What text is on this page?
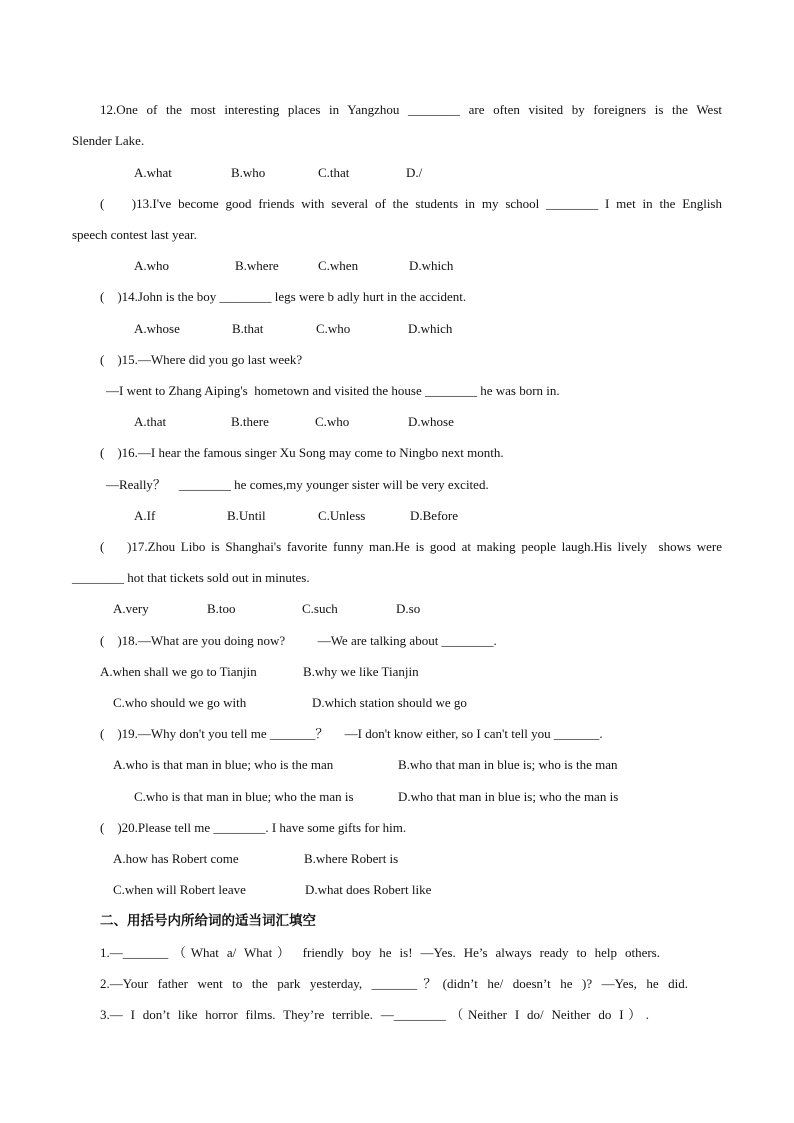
12.One of the most interesting places in Yangzhou ________ are often visited by foreigners is the West
Slender Lake.
A.what	B.who	C.that	D./
(    )13.I've become good friends with several of the students in my school ________ I met in the English
speech contest last year.
A.who	B.where	C.when	D.which
(    )14.John is the boy ________ legs were b adly hurt in the accident.
A.whose	B.that	C.who	D.which
(    )15.—Where did you go last week?
—I went to Zhang Aiping's  hometown and visited the house ________ he was born in.
A.that	B.there	C.who	D.whose
(    )16.—I hear the famous singer Xu Song may come to Ningbo next month.
—Really？    ________ he comes,my younger sister will be very excited.
A.If	B.Until	C.Unless	D.Before
(    )17.Zhou Libo is Shanghai's favorite funny man.He is good at making people laugh.His lively  shows were
________ hot that tickets sold out in minutes.
A.very	B.too	C.such	D.so
(    )18.—What are you doing now?          —We are talking about ________.
A.when shall we go to Tianjin	B.why we like Tianjin
C.who should we go with	D.which station should we go
(    )19.—Why don't you tell me _______？     —I don't know either, so I can't tell you _______.
A.who is that man in blue; who is the man	B.who that man in blue is; who is the man
C.who is that man in blue; who the man is	D.who that man in blue is; who the man is
(    )20.Please tell me ________. I have some gifts for him.
A.how has Robert come	B.where Robert is
C.when will Robert leave	D.what does Robert like
二、用括号内所给词的适当词汇填空
1.—_______（What a/ What） friendly boy he is! —Yes. He’s always ready to help others.
2.—Your father went to the park yesterday, _______？(didn’t he/ doesn’t he )? —Yes, he did.
3.— I don’t like horror films. They’re terrible. —________（Neither I do/ Neither do I）.
